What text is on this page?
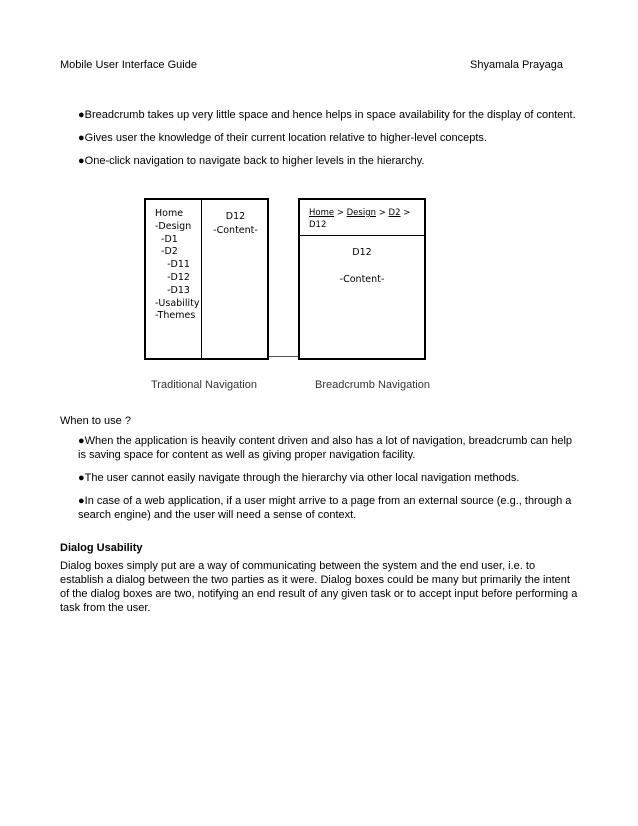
Mobile User Interface Guide	Shyamala Prayaga

●Breadcrumb takes up very little space and hence helps in space availability for the display of content.

●Gives user the knowledge of their current location relative to higher-level concepts.

●One-click navigation to navigate back to higher levels in the hierarchy.

Home
-Design
-D1
-D2
-D11
-D12
-D13
-Usability
-Themes
D12
-Content-
Home > Design > D2 >
D12
D12
-Content-
Traditional Navigation	Breadcrumb Navigation
When to use ?

●When the application is heavily content driven and also has a lot of navigation, breadcrumb can help is saving space for content as well as giving proper navigation facility.

●The user cannot easily navigate through the hierarchy via other local navigation methods.

●In case of a web application, if a user might arrive to a page from an external source (e.g., through a search engine) and the user will need a sense of context.

Dialog Usability
Dialog boxes simply put are a way of communicating between the system and the end user, i.e. to establish a dialog between the two parties as it were. Dialog boxes could be many but primarily the intent of the dialog boxes are two, notifying an end result of any given task or to accept input before performing a task from the user.
